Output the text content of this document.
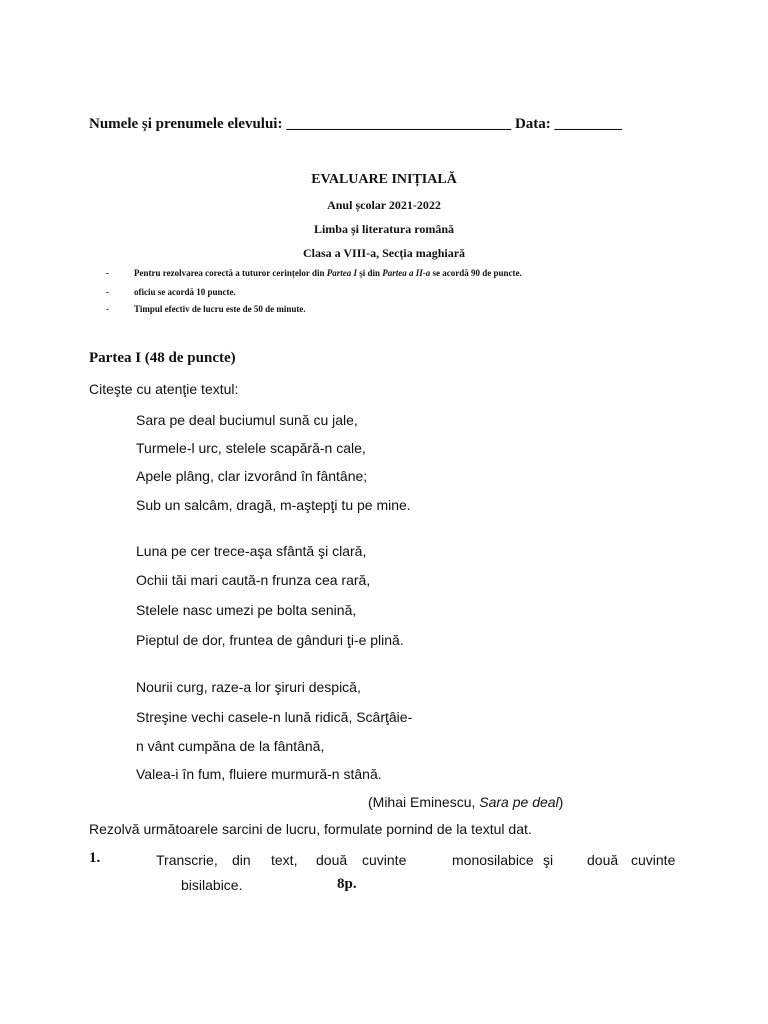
Numele și prenumele elevului: ______________________________ Data: _________
EVALUARE INIȚIALĂ
Anul școlar 2021-2022
Limba și literatura română
Clasa a VIII-a, Secția maghiară
-	Pentru rezolvarea corectă a tuturor cerințelor din Partea I și din Partea a II-a se acordă 90 de puncte.
-	oficiu se acordă 10 puncte.
-	Timpul efectiv de lucru este de 50 de minute.
Partea I (48 de puncte)
Citeşte cu atenţie textul:
Sara pe deal buciumul sună cu jale,
Turmele-l urc, stelele scapără-n cale,
Apele plâng, clar izvorând în fântâne;
Sub un salcâm, dragă, m-aştepţi tu pe mine.
Luna pe cer trece-aşa sfântă şi clară,
Ochii tăi mari caută-n frunza cea rară,
Stelele nasc umezi pe bolta senină,
Pieptul de dor, fruntea de gânduri ţi-e plină.
Nourii curg, raze-a lor şiruri despică,
Streşine vechi casele-n lună ridică, Scârţâie-
n vânt cumpăna de la fântână,
Valea-i în fum, fluiere murmură-n stână.
(Mihai Eminescu, Sara pe deal)
Rezolvă următoarele sarcini de lucru, formulate pornind de la textul dat.
1.	Transcrie, din text, două cuvinte	monosilabice şi două cuvinte
bisilabice.	8p.
